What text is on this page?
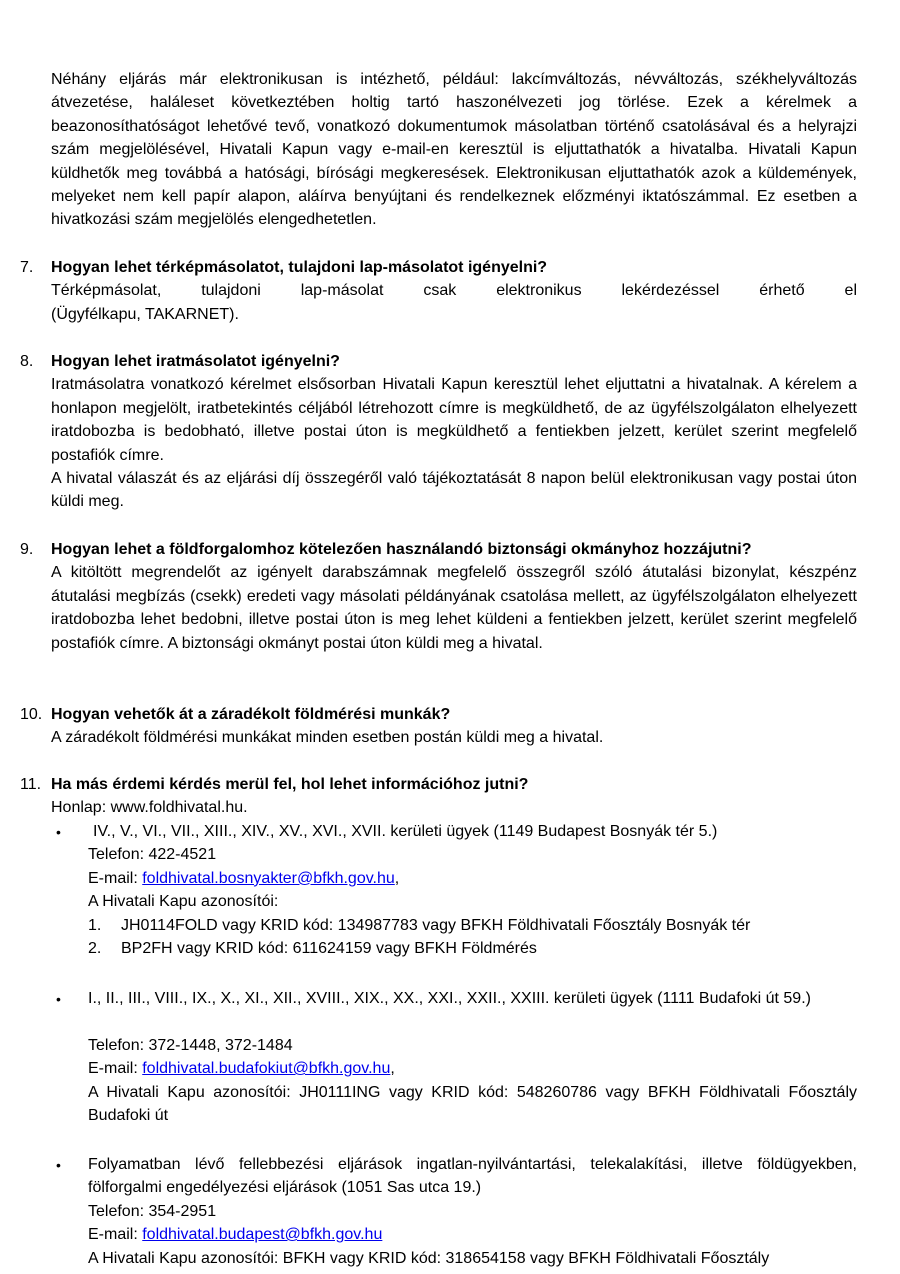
Néhány eljárás már elektronikusan is intézhető, például: lakcímváltozás, névváltozás, székhelyváltozás átvezetése, haláleset következtében holtig tartó haszonélvezeti jog törlése. Ezek a kérelmek a beazonosíthatóságot lehetővé tevő, vonatkozó dokumentumok másolatban történő csatolásával és a helyrajzi szám megjelölésével, Hivatali Kapun vagy e-mail-en keresztül is eljuttathatók a hivatalba. Hivatali Kapun küldhetők meg továbbá a hatósági, bírósági megkeresések. Elektronikusan eljuttathatók azok a küldemények, melyeket nem kell papír alapon, aláírva benyújtani és rendelkeznek előzményi iktatószámmal. Ez esetben a hivatkozási szám megjelölés elengedhetetlen.

7. Hogyan lehet térképmásolatot, tulajdoni lap-másolatot igényelni?

Térképmásolat, tulajdoni lap-másolat csak elektronikus lekérdezéssel érhető el

(Ügyfélkapu, TAKARNET).

8. Hogyan lehet iratmásolatot igényelni?

Iratmásolatra vonatkozó kérelmet elsősorban Hivatali Kapun keresztül lehet eljuttatni a hivatalnak. A kérelem a honlapon megjelölt, iratbetekintés céljából létrehozott címre is megküldhető, de az ügyfélszolgálaton elhelyezett iratdobozba is bedobható, illetve postai úton is megküldhető a fentiekben jelzett, kerület szerint megfelelő postafiók címre.

A hivatal válaszát és az eljárási díj összegéről való tájékoztatását 8 napon belül elektronikusan vagy postai úton küldi meg.

9. Hogyan lehet a földforgalomhoz kötelezően használandó biztonsági okmányhoz hozzájutni?

A kitöltött megrendelőt az igényelt darabszámnak megfelelő összegről szóló átutalási bizonylat, készpénz átutalási megbízás (csekk) eredeti vagy másolati példányának csatolása mellett, az ügyfélszolgálaton elhelyezett iratdobozba lehet bedobni, illetve postai úton is meg lehet küldeni a fentiekben jelzett, kerület szerint megfelelő postafiók címre. A biztonsági okmányt postai úton küldi meg a hivatal.

10. Hogyan vehetők át a záradékolt földmérési munkák?

A záradékolt földmérési munkákat minden esetben postán küldi meg a hivatal.

11. Ha más érdemi kérdés merül fel, hol lehet információhoz jutni?

Honlap: www.foldhivatal.hu.

• IV., V., VI., VII., XIII., XIV., XV., XVI., XVII. kerületi ügyek (1149 Budapest Bosnyák tér 5.)

Telefon: 422-4521

E-mail: foldhivatal.bosnyakter@bfkh.gov.hu,

A Hivatali Kapu azonosítói:

1. JH0114FOLD vagy KRID kód: 134987783 vagy BFKH Földhivatali Főosztály Bosnyák tér
2. BP2FH vagy KRID kód: 611624159 vagy BFKH Földmérés
• I., II., III., VIII., IX., X., XI., XII., XVIII., XIX., XX., XXI., XXII., XXIII. kerületi ügyek (1111 Budafoki út 59.)

Telefon: 372-1448, 372-1484

E-mail: foldhivatal.budafokiut@bfkh.gov.hu,

A Hivatali Kapu azonosítói: JH0111ING vagy KRID kód: 548260786 vagy BFKH Földhivatali Főosztály Budafoki út

• Folyamatban lévő fellebbezési eljárások ingatlan-nyilvántartási, telekalakítási, illetve földügyekben, fölforgalmi engedélyezési eljárások (1051 Sas utca 19.)

Telefon: 354-2951

E-mail: foldhivatal.budapest@bfkh.gov.hu

A Hivatali Kapu azonosítói: BFKH vagy KRID kód: 318654158 vagy BFKH Földhivatali Főosztály
